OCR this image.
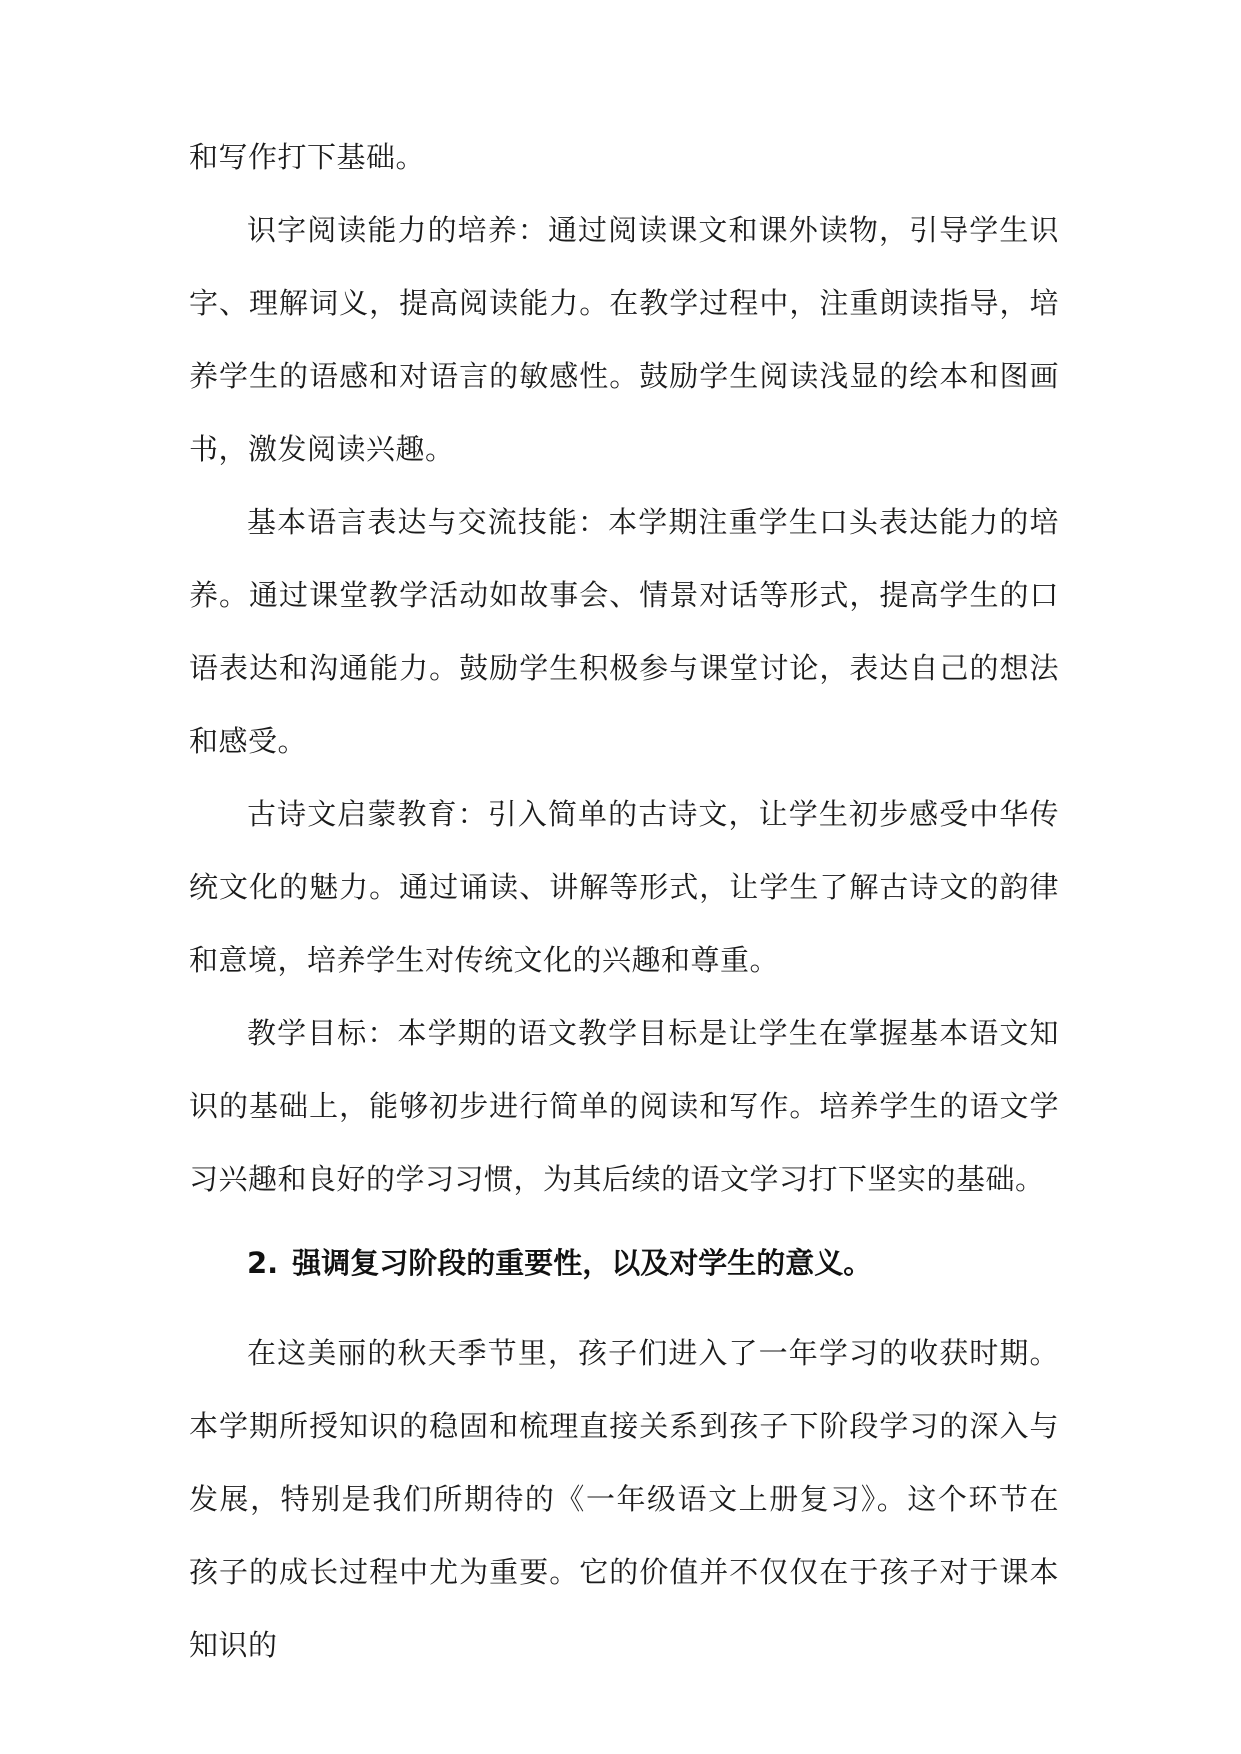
和写作打下基础。

识字阅读能力的培养：通过阅读课文和课外读物，引导学生识字、理解词义，提高阅读能力。在教学过程中，注重朗读指导，培养学生的语感和对语言的敏感性。鼓励学生阅读浅显的绘本和图画书，激发阅读兴趣。

基本语言表达与交流技能：本学期注重学生口头表达能力的培养。通过课堂教学活动如故事会、情景对话等形式，提高学生的口语表达和沟通能力。鼓励学生积极参与课堂讨论，表达自己的想法和感受。

古诗文启蒙教育：引入简单的古诗文，让学生初步感受中华传统文化的魅力。通过诵读、讲解等形式，让学生了解古诗文的韵律和意境，培养学生对传统文化的兴趣和尊重。

教学目标：本学期的语文教学目标是让学生在掌握基本语文知识的基础上，能够初步进行简单的阅读和写作。培养学生的语文学习兴趣和良好的学习习惯，为其后续的语文学习打下坚实的基础。

2. 强调复习阶段的重要性，以及对学生的意义。

在这美丽的秋天季节里，孩子们进入了一年学习的收获时期。本学期所授知识的稳固和梳理直接关系到孩子下阶段学习的深入与发展，特别是我们所期待的《一年级语文上册复习》。这个环节在孩子的成长过程中尤为重要。它的价值并不仅仅在于孩子对于课本知识的
